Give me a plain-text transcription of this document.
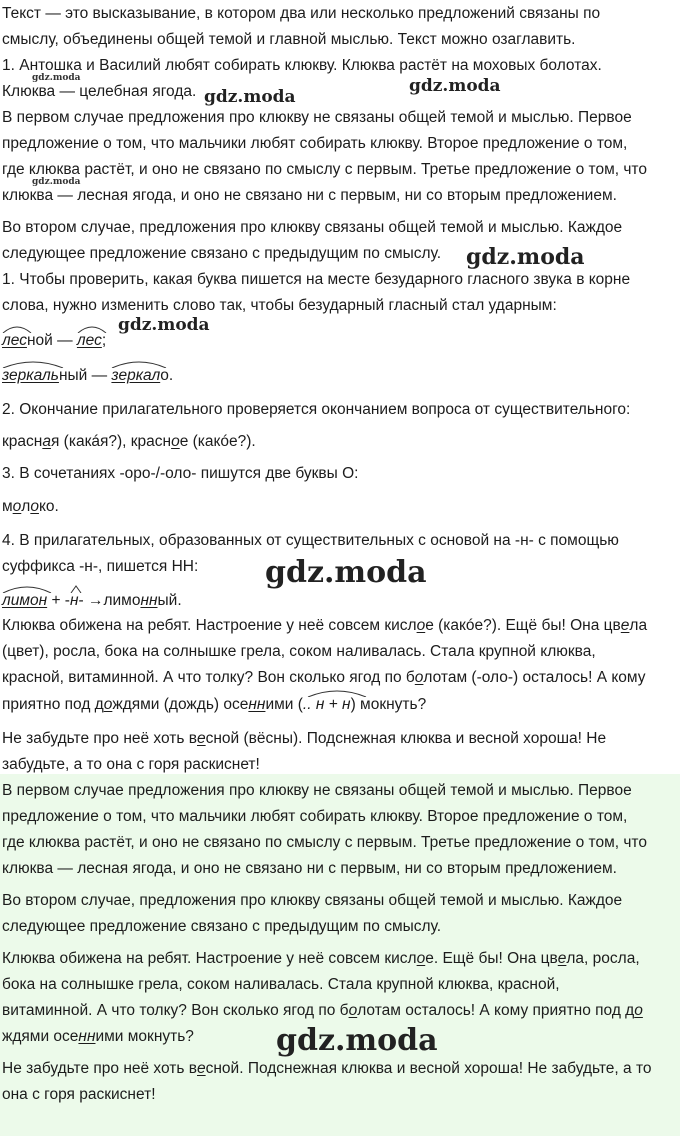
Текст — это высказывание, в котором два или несколько предложений связаны по
смыслу, объединены общей темой и главной мыслью. Текст можно озаглавить.
1. Антошка и Василий любят собирать клюкву. Клюква растёт на моховых болотах.
Клюква — целебная ягода.
В первом случае предложения про клюкву не связаны общей темой и мыслью. Первое
предложение о том, что мальчики любят собирать клюкву. Второе предложение о том,
где клюква растёт, и оно не связано по смыслу с первым. Третье предложение о том, что
клюква — лесная ягода, и оно не связано ни с первым, ни со вторым предложением.
Во втором случае, предложения про клюкву связаны общей темой и мыслью. Каждое
следующее предложение связано с предыдущим по смыслу.
1. Чтобы проверить, какая буква пишется на месте безударного гласного звука в корне
слова, нужно изменить слово так, чтобы безударный гласный стал ударным:
лесной —
лес;
зеркальный —
зеркало.
2. Окончание прилагательного проверяется окончанием вопроса от существительного:
красная (какáя?), красное (какóе?).
3. В сочетаниях -оро-/-оло- пишутся две буквы О:
молоко.
4. В прилагательных, образованных от существительных с основой на -н- с помощью
суффикса -н-, пишется НН:
лимон + -
н- →лимонный.
Клюква обижена на ребят. Настроение у неё совсем кислое (какóе?). Ещё бы! Она цвела
(цвет), росла, бока на солнышке грела, соком наливалась. Стала крупной клюква,
красной, витаминной. А что толку? Вон сколько ягод по болотам (-оло-) осталось! А кому
приятно под дождями (дождь) осенними (
.. н + н) мокнуть?
Не забудьте про неё хоть весной (вёсны). Подснежная клюква и весной хороша! Не
забудьте, а то она с горя раскиснет!
В первом случае предложения про клюкву не связаны общей темой и мыслью. Первое
предложение о том, что мальчики любят собирать клюкву. Второе предложение о том,
где клюква растёт, и оно не связано по смыслу с первым. Третье предложение о том, что
клюква — лесная ягода, и оно не связано ни с первым, ни со вторым предложением.
Во втором случае, предложения про клюкву связаны общей темой и мыслью. Каждое
следующее предложение связано с предыдущим по смыслу.
Клюква обижена на ребят. Настроение у неё совсем кислое. Ещё бы! Она цвела, росла,
бока на солнышке грела, соком наливалась. Стала крупной клюква, красной,
витаминной. А что толку? Вон сколько ягод по болотам осталось! А кому приятно под до
ждями осенними мокнуть?
Не забудьте про неё хоть весной. Подснежная клюква и весной хороша! Не забудьте, а то
она с горя раскиснет!
gdz.moda
gdz.moda
gdz.moda
gdz.moda
gdz.moda
gdz.moda
gdz.moda
gdz.moda
